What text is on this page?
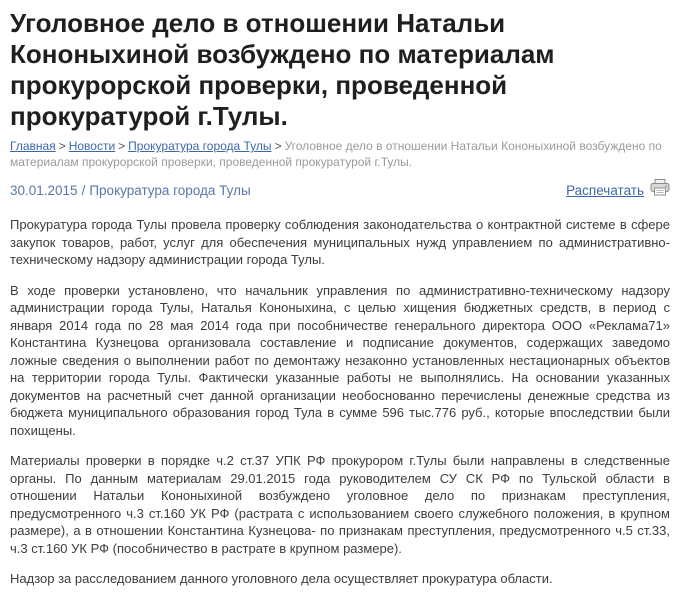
Уголовное дело в отношении Натальи Кононыхиной возбуждено по материалам прокурорской проверки, проведенной прокуратурой г.Тулы.
Главная > Новости > Прокуратура города Тулы > Уголовное дело в отношении Натальи Кононыхиной возбуждено по материалам прокурорской проверки, проведенной прокуратурой г.Тулы.
30.01.2015 / Прокуратура города Тулы	Распечатать

Прокуратура города Тулы провела проверку соблюдения законодательства о контрактной системе в сфере закупок товаров, работ, услуг для обеспечения муниципальных нужд управлением по административно-техническому надзору администрации города Тулы.

В ходе проверки установлено, что начальник управления по административно-техническому надзору администрации города Тулы, Наталья Кононыхина, с целью хищения бюджетных средств, в период с января 2014 года по 28 мая 2014 года при пособничестве генерального директора ООО «Реклама71» Константина Кузнецова организовала составление и подписание документов, содержащих заведомо ложные сведения о выполнении работ по демонтажу незаконно установленных нестационарных объектов на территории города Тулы. Фактически указанные работы не выполнялись. На основании указанных документов на расчетный счет данной организации необоснованно перечислены денежные средства из бюджета муниципального образования город Тула в сумме 596 тыс.776 руб., которые впоследствии были похищены.

Материалы проверки в порядке ч.2 ст.37 УПК РФ прокурором г.Тулы были направлены в следственные органы. По данным материалам 29.01.2015 года руководителем СУ СК РФ по Тульской области в отношении Натальи Кононыхиной возбуждено уголовное дело по признакам преступления, предусмотренного ч.3 ст.160 УК РФ (растрата с использованием своего служебного положения, в крупном размере), а в отношении Константина Кузнецова- по признакам преступления, предусмотренного ч.5 ст.33, ч.3 ст.160 УК РФ (пособничество в растрате в крупном размере).

Надзор за расследованием данного уголовного дела осуществляет прокуратура области.
